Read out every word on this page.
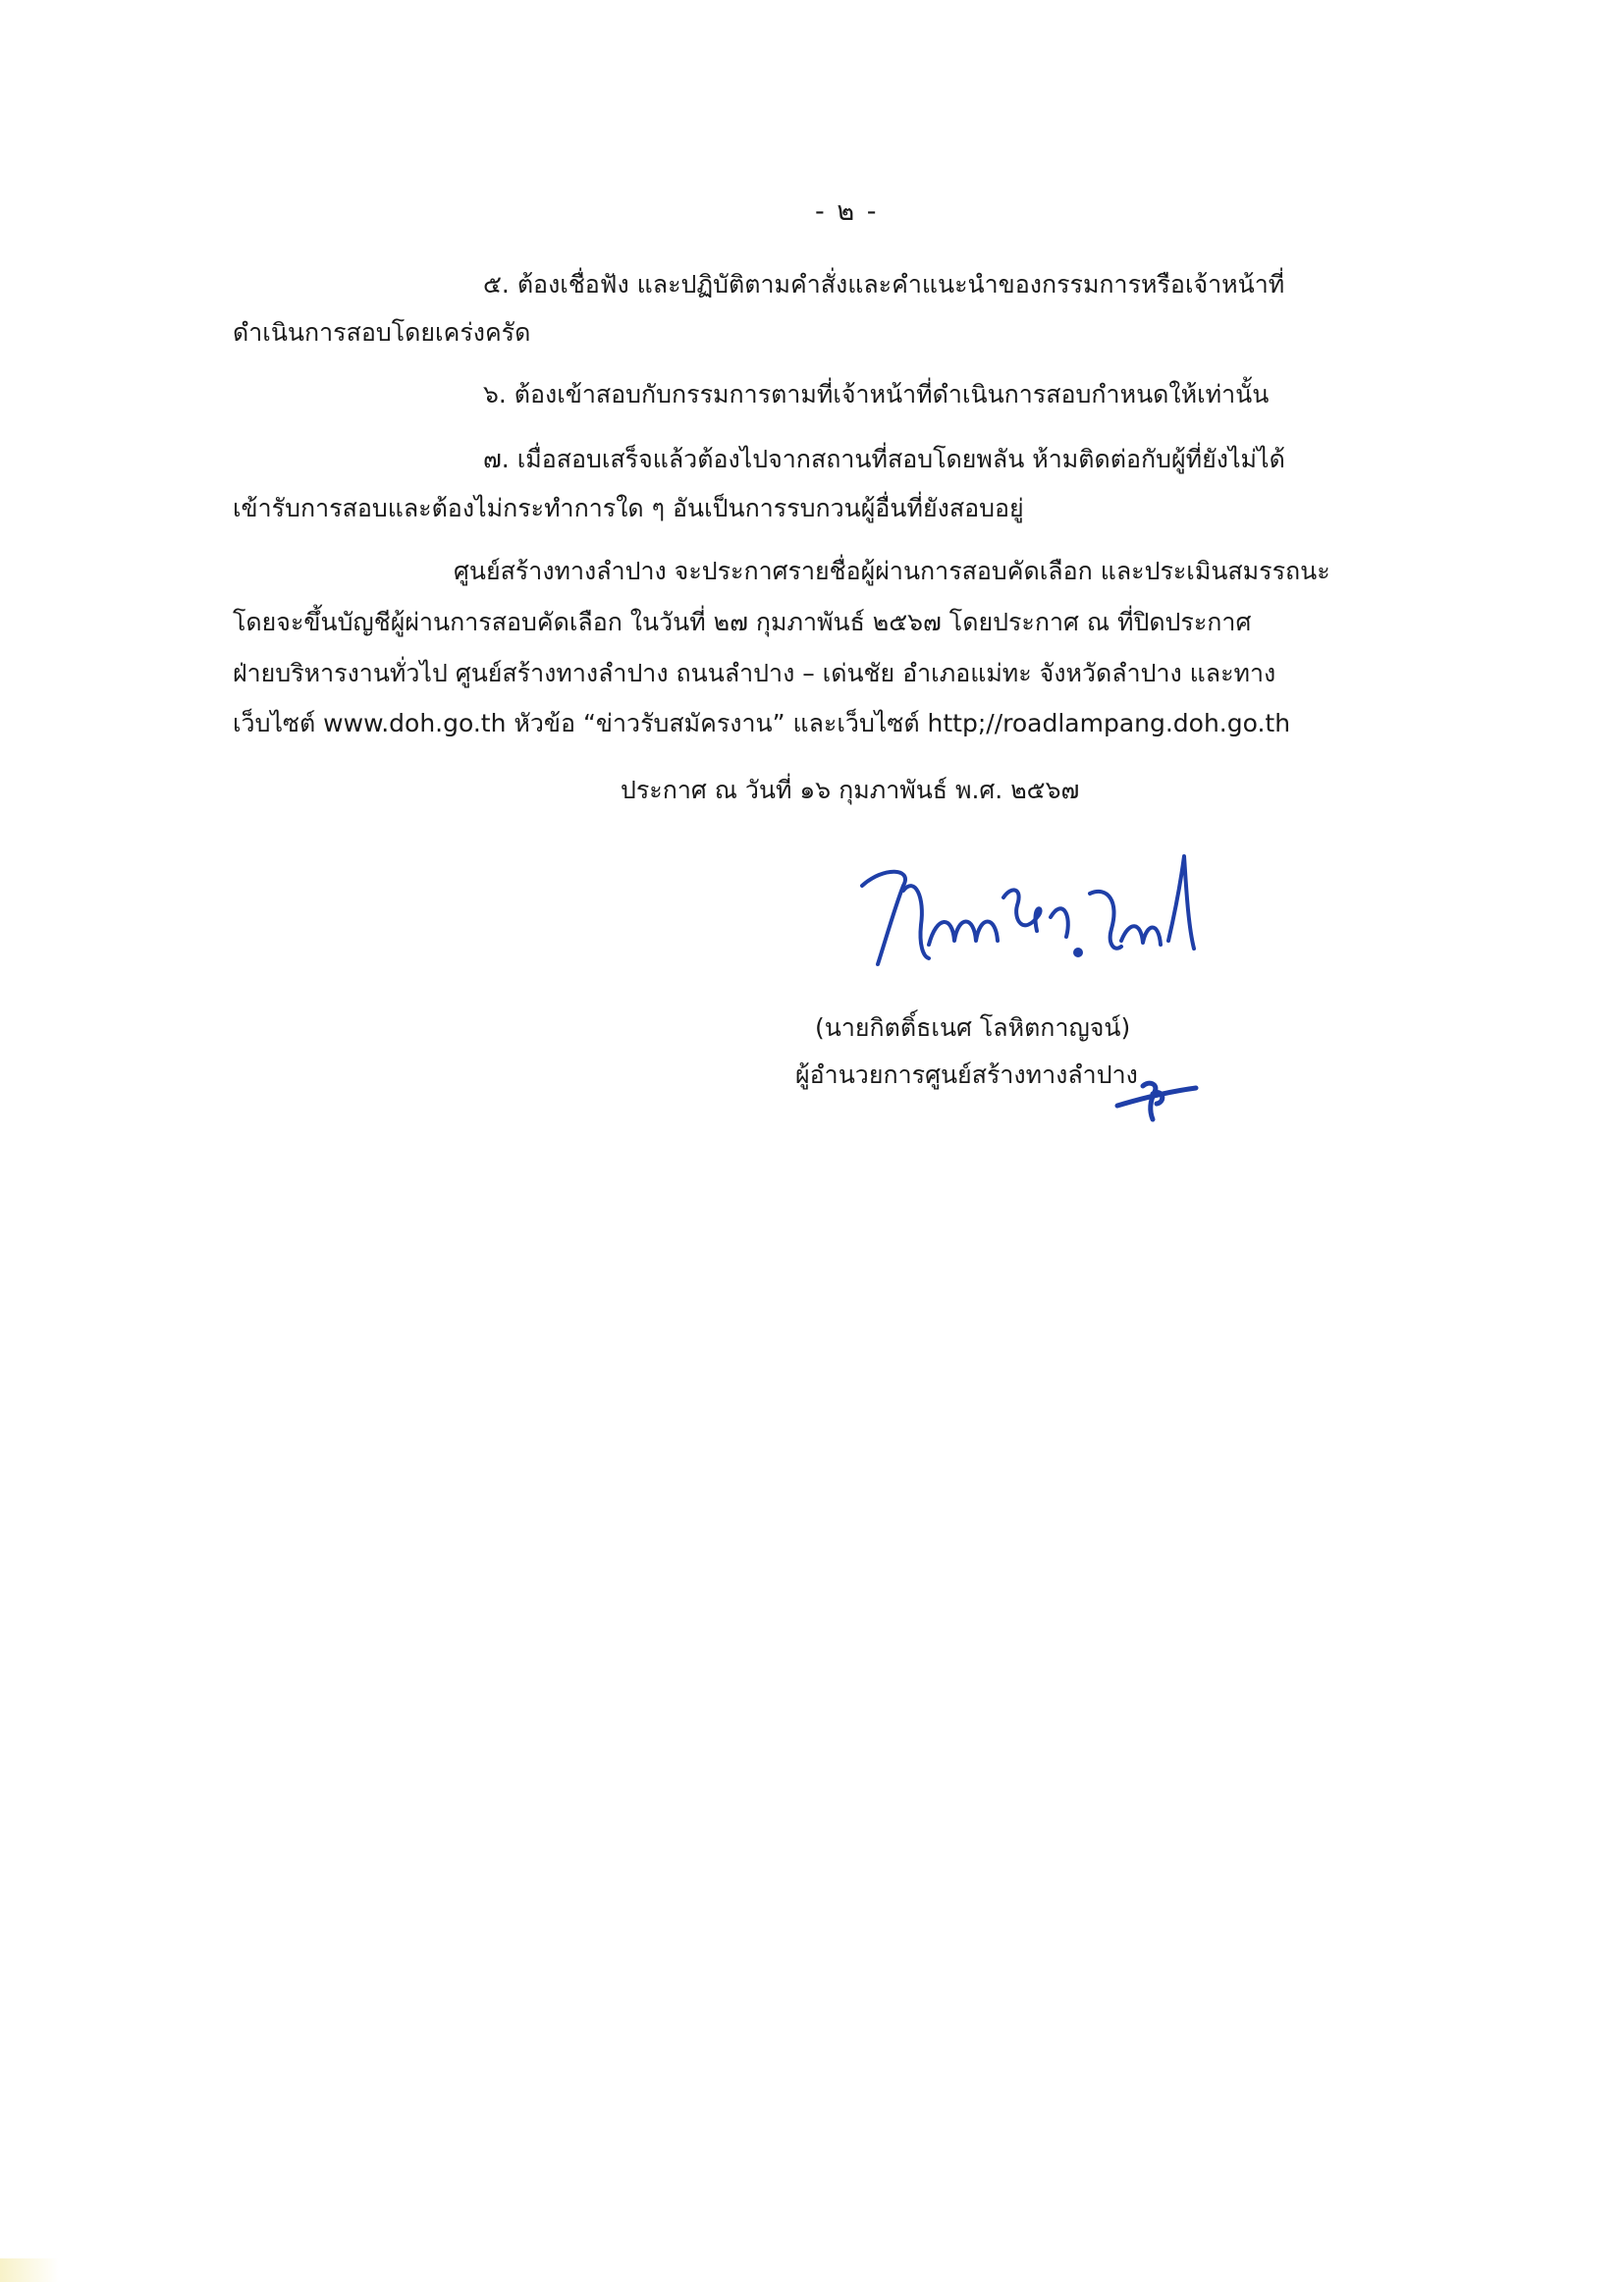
- ๒ -
๕. ต้องเชื่อฟัง และปฏิบัติตามคำสั่งและคำแนะนำของกรรมการหรือเจ้าหน้าที่
ดำเนินการสอบโดยเคร่งครัด
๖. ต้องเข้าสอบกับกรรมการตามที่เจ้าหน้าที่ดำเนินการสอบกำหนดให้เท่านั้น
๗. เมื่อสอบเสร็จแล้วต้องไปจากสถานที่สอบโดยพลัน ห้ามติดต่อกับผู้ที่ยังไม่ได้
เข้ารับการสอบและต้องไม่กระทำการใด ๆ อันเป็นการรบกวนผู้อื่นที่ยังสอบอยู่
ศูนย์สร้างทางลำปาง จะประกาศรายชื่อผู้ผ่านการสอบคัดเลือก และประเมินสมรรถนะ
โดยจะขึ้นบัญชีผู้ผ่านการสอบคัดเลือก ในวันที่ ๒๗ กุมภาพันธ์ ๒๕๖๗ โดยประกาศ ณ ที่ปิดประกาศ
ฝ่ายบริหารงานทั่วไป ศูนย์สร้างทางลำปาง ถนนลำปาง – เด่นชัย อำเภอแม่ทะ จังหวัดลำปาง และทาง
เว็บไซต์ www.doh.go.th หัวข้อ “ข่าวรับสมัครงาน” และเว็บไซต์ http;//roadlampang.doh.go.th
ประกาศ ณ วันที่ ๑๖ กุมภาพันธ์ พ.ศ. ๒๕๖๗
(นายกิตติ์ธเนศ โลหิตกาญจน์)
ผู้อำนวยการศูนย์สร้างทางลำปาง
